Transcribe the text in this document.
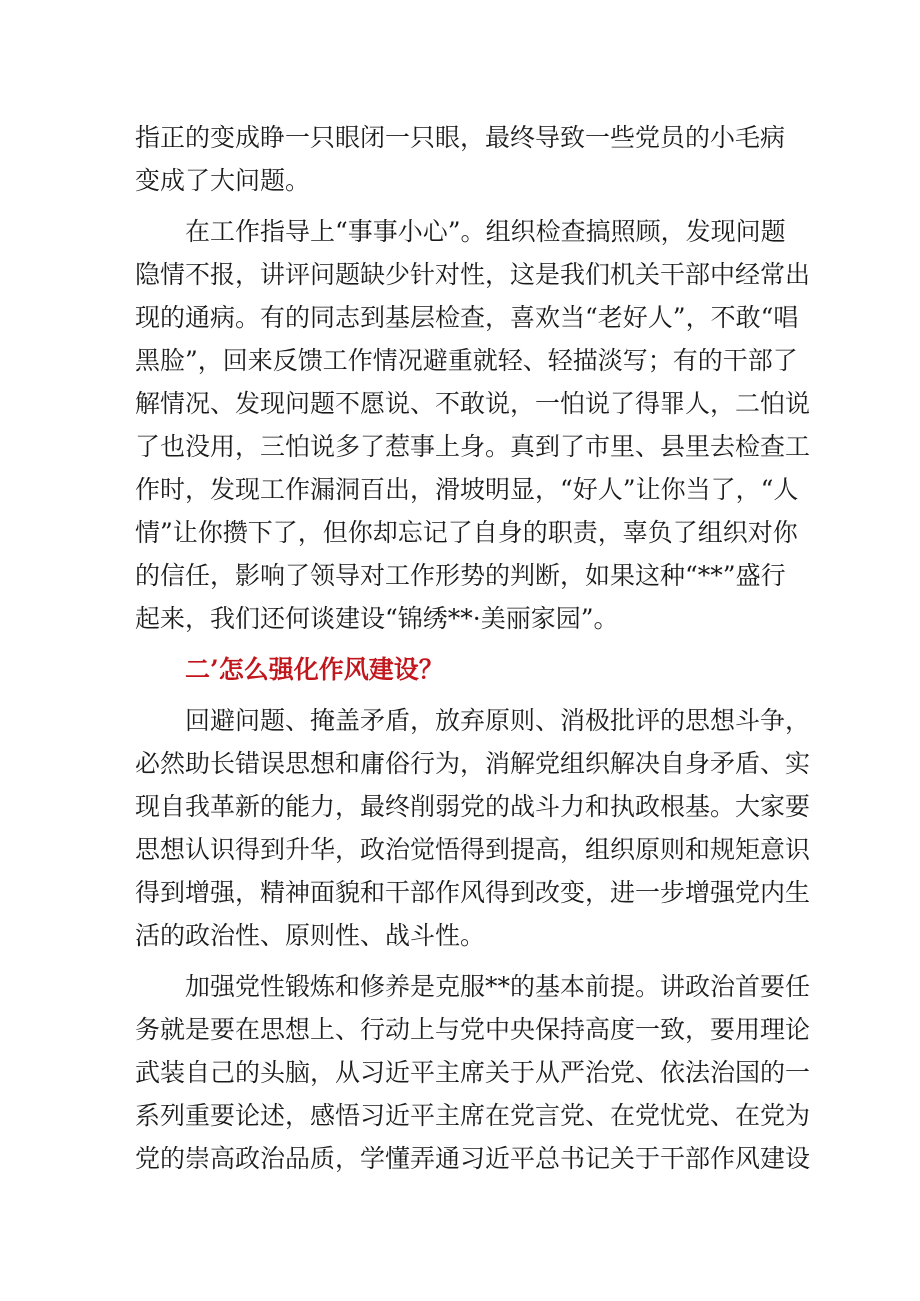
指正的变成睁一只眼闭一只眼，最终导致一些党员的小毛病
变成了大问题。
在工作指导上“事事小心”。组织检查搞照顾，发现问题
隐情不报，讲评问题缺少针对性，这是我们机关干部中经常出
现的通病。有的同志到基层检查，喜欢当“老好人”，不敢“唱
黑脸”，回来反馈工作情况避重就轻、轻描淡写；有的干部了
解情况、发现问题不愿说、不敢说，一怕说了得罪人，二怕说
了也没用，三怕说多了惹事上身。真到了市里、县里去检查工
作时，发现工作漏洞百出，滑坡明显，“好人”让你当了，“人
情”让你攒下了，但你却忘记了自身的职责，辜负了组织对你
的信任，影响了领导对工作形势的判断，如果这种“**”盛行
起来，我们还何谈建设“锦绣**·美丽家园”。
二’怎么强化作风建设？
回避问题、掩盖矛盾，放弃原则、消极批评的思想斗争，
必然助长错误思想和庸俗行为，消解党组织解决自身矛盾、实
现自我革新的能力，最终削弱党的战斗力和执政根基。大家要
思想认识得到升华，政治觉悟得到提高，组织原则和规矩意识
得到增强，精神面貌和干部作风得到改变，进一步增强党内生
活的政治性、原则性、战斗性。
加强党性锻炼和修养是克服**的基本前提。讲政治首要任
务就是要在思想上、行动上与党中央保持高度一致，要用理论
武装自己的头脑，从习近平主席关于从严治党、依法治国的一
系列重要论述，感悟习近平主席在党言党、在党忧党、在党为
党的崇高政治品质，学懂弄通习近平总书记关于干部作风建设
